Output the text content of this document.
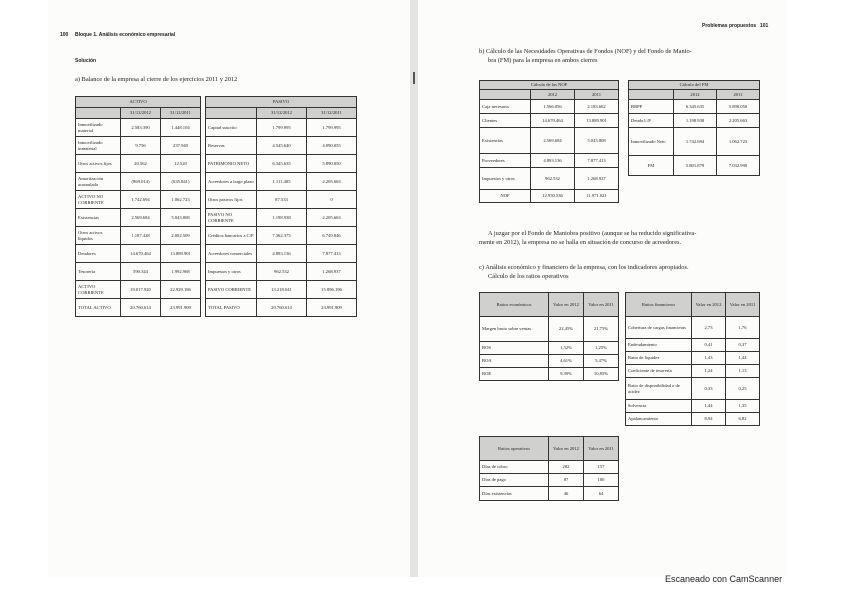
100 Bloque 1. Análisis económico empresarial
Solución
a) Balance de la empresa al cierre de los ejercicios 2011 y 2012
ACTIVO				PASIVO		
	31/12/2012	31/12/2011			31/12/2012	31/12/2011
Inmovilizado material	2.583.390	1.448.104		Capital suscrito	1.799.995	1.799.995
Inmovilizado inmaterial	9.756	237.940		Reservas	4.545.640	4.090.055
Otros activos fijos	20.562	12.520		PATRIMONIO NETO	6.345.635	5.890.050
Amortización acumulada	(869.014)	(635.841)		Acreedores a largo plazo	1.111.405	2.205.663
ACTIVO NO CORRIENTE	1.742.694	1.062.723		Otros pasivos fijos	87.533	0
Existencias	2.569.684	5.043.808		PASIVO NO CORRIENTE	1.198.938	2.205.663
Otros activos líquidos	1.187.428	2.002.509		Créditos bancarios a C/P	7.362.375	6.749.846
Deudores	14.670.464	13.889.901		Acreedores comerciales	4.893.136	7.877.413
Tesorería	590.344	1.992.968		Impuestos y otros	962.532	1.268.937
ACTIVO CORRIENTE	19.017.920	22.929.186		PASIVO CORRIENTE	13.218.041	15.896.196
TOTAL ACTIVO	20.760.614	23.991.909		TOTAL PASIVO	20.760.614	23.991.909
Problemas propuestos 101
b) Cálculo de las Necesidades Operativas de Fondos (NOF) y del Fondo de Manio-
bra (FM) para la empresa en ambos cierres
Cálculo de las NOF		
	2012	2011
Caja necesaria	1.566.056	2.183.662
Clientes	14.670.464	13.889.901
Existencias	2.569.684	5.043.808
Proveedores	4.893.136	7.877.413
Impuestos y otros	962.532	1.268.937
NOF	12.950.536	11.971.021
Cálculo del FM		
	2012	2011
RRPP	6.345.635	5.890.050
Deuda L/P	1.198.938	2.205.663
Inmovilizado Neto	1.742.694	1.062.723
FM	5.801.879	7.032.990
A juzgar por el Fondo de Maniobra positivo (aunque se ha reducido significativa-
mente en 2012), la empresa no se halla en situación de concurso de acreedores.
c) Análisis económico y financiero de la empresa, con los indicadores apropiados.
Cálculo de los ratios operativos
Ratios económicos	Valor en 2012	Valor en 2011
Margen bruto sobre ventas	22,45%	21,75%
ROS	1,52%	1,25%
ROA	4,61%	5,47%
ROE	9,39%	10,85%
Ratios financieros	Valor en 2012	Valor en 2011
Cobertura de cargas financieras	2,73	1,76
Endeudamiento	0,41	0,37
Ratio de liquidez	1,43	1,44
Coeficiente de tesorería	1,24	1,13
Ratio de disponibilidad o de acidez	0,33	0,25
Solvencia	1,44	1,35
Apalancamiento	8,94	6,82
Ratios operativos	Valor en 2012	Valor en 2011
Días de cobro	202	157
Días de pago	87	100
Días existencias	46	64
Escaneado con CamScanner
